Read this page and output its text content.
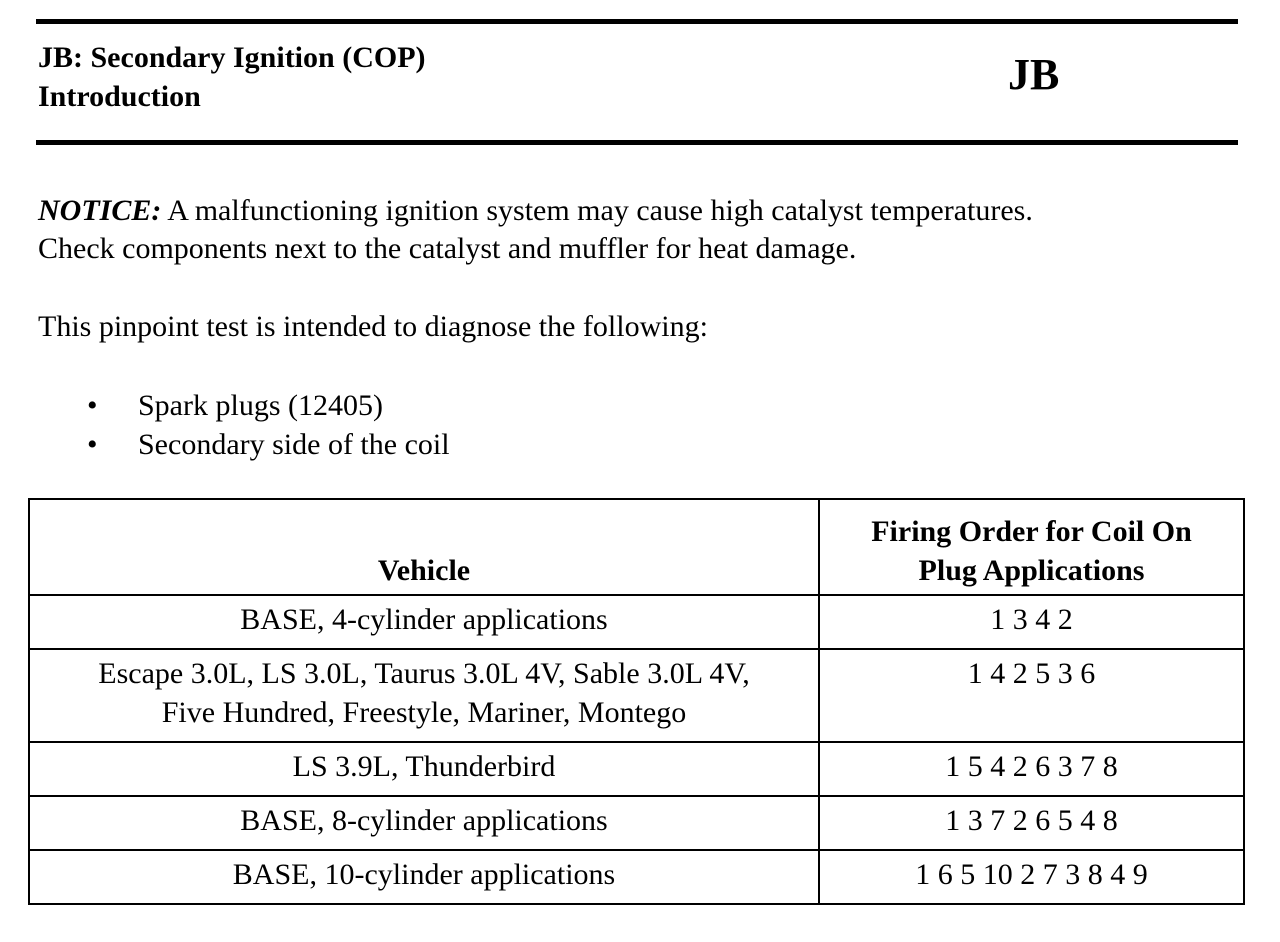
JB: Secondary Ignition (COP)
Introduction	JB
NOTICE: A malfunctioning ignition system may cause high catalyst temperatures.
Check components next to the catalyst and muffler for heat damage.
This pinpoint test is intended to diagnose the following:
• Spark plugs (12405)
• Secondary side of the coil
Vehicle	Firing Order for Coil On
Plug Applications

BASE, 4-cylinder applications	1 3 4 2

Escape 3.0L, LS 3.0L, Taurus 3.0L 4V, Sable 3.0L 4V,
Five Hundred, Freestyle, Mariner, Montego	1 4 2 5 3 6

LS 3.9L, Thunderbird	1 5 4 2 6 3 7 8

BASE, 8-cylinder applications	1 3 7 2 6 5 4 8

BASE, 10-cylinder applications	1 6 5 10 2 7 3 8 4 9
